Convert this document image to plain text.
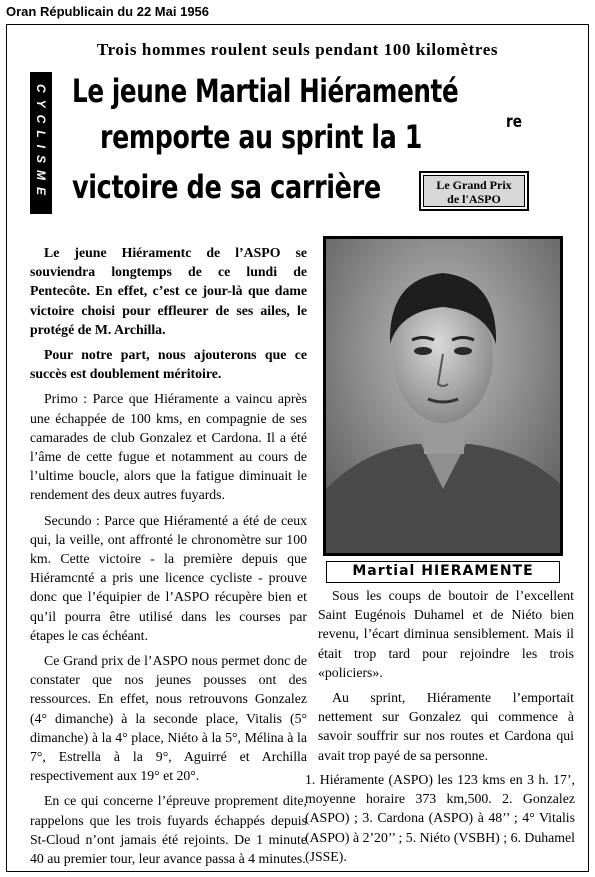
Oran Républicain du 22 Mai 1956
Trois hommes roulent seuls pendant 100 kilomètres
CYCLISME Le jeune Martial Hiéramenté
remporte au sprint la 1	re
victoire de sa carrière	Le Grand Prix
de l'ASPO

Le jeune Hiéramentc de l’ASPO se souviendra longtemps de ce lundi de Pentecôte. En effet, c’est ce jour-là que dame victoire choisi pour effleurer de ses ailes, le protégé de M. Archilla.

Pour notre part, nous ajouterons que ce succès est doublement méritoire.

Primo : Parce que Hiéramente a vaincu après une échappée de 100 kms, en compagnie de ses camarades de club Gonzalez et Cardona. Il a été l’âme de cette fugue et notamment au cours de l’ultime boucle, alors que la fatigue diminuait le rendement des deux autres fuyards.

Secundo : Parce que Hiéramenté a été de ceux qui, la veille, ont affronté le chronomètre sur 100 km. Cette victoire - la première depuis que Hiéramcnté a pris une licence cycliste - prouve donc que l’équipier de l’ASPO récupère bien et qu’il pourra être utilisé dans les courses par étapes le cas échéant.

Ce Grand prix de l’ASPO nous permet donc de constater que nos jeunes pousses ont des ressources. En effet, nous retrouvons Gonzalez (4° dimanche) à la seconde place, Vitalis (5° dimanche) à la 4° place, Niéto à la 5°, Mélina à la 7°, Estrella à la 9°, Aguirré et Archilla respectivement aux 19° et 20°.

En ce qui concerne l’épreuve proprement dite, rappelons que les trois fuyards échappés depuis St-Cloud n’ont jamais été rejoints. De 1 minute 40 au premier tour, leur avance passa à 4 minutes.

Martial HIERAMENTE

Sous les coups de boutoir de l’excellent Saint Eugénois Duhamel et de Niéto bien revenu, l’écart diminua sensiblement. Mais il était trop tard pour rejoindre les trois «policiers».

Au sprint, Hiéramente l’emportait nettement sur Gonzalez qui commence à savoir souffrir sur nos routes et Cardona qui avait trop payé de sa personne.

1. Hiéramente (ASPO) les 123 kms en 3 h. 17’, moyenne horaire 373 km,500. 2. Gonzalez (ASPO) ; 3. Cardona (ASPO) à 48’’ ; 4° Vitalis (ASPO) à 2’20’’ ; 5. Niéto (VSBH) ; 6. Duhamel (JSSE).
